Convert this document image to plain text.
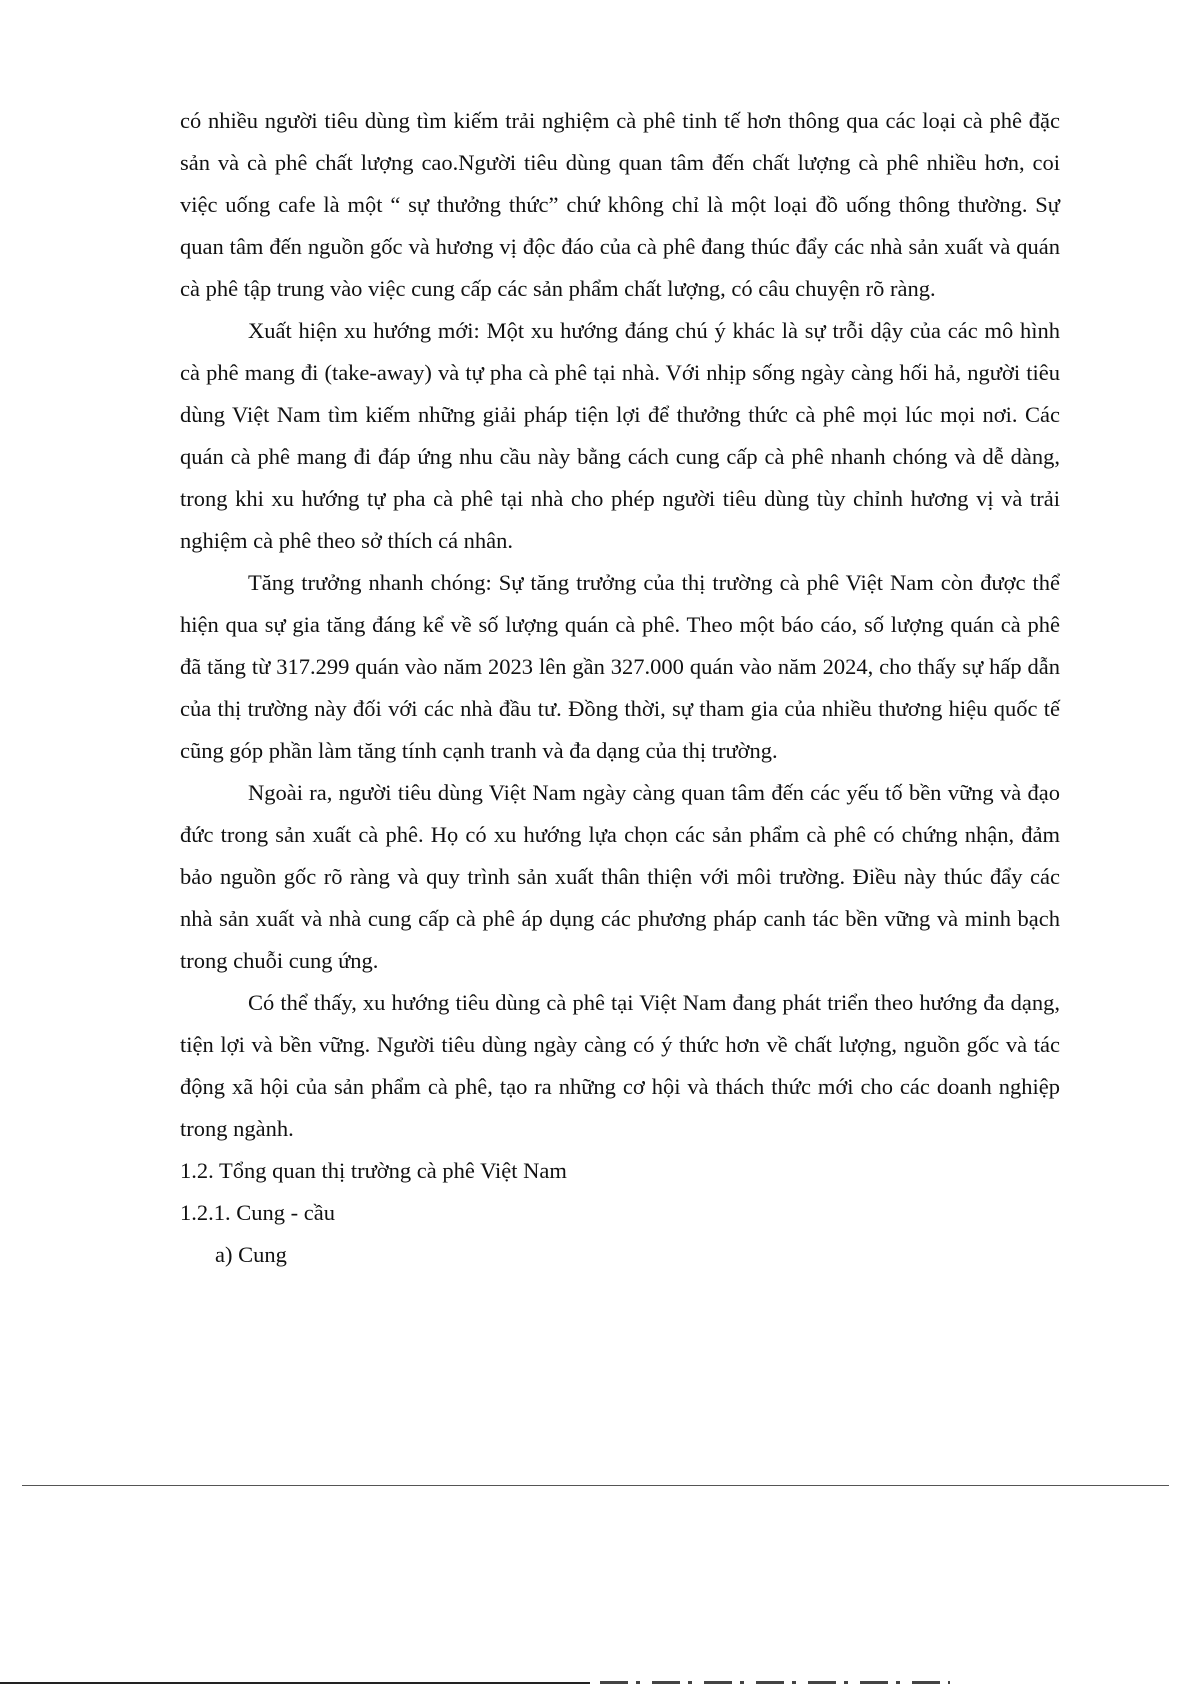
có nhiều người tiêu dùng tìm kiếm trải nghiệm cà phê tinh tế hơn thông qua các loại cà phê đặc sản và cà phê chất lượng cao.Người tiêu dùng quan tâm đến chất lượng cà phê nhiều hơn, coi việc uống cafe là một “ sự thưởng thức” chứ không chỉ là một loại đồ uống thông thường. Sự quan tâm đến nguồn gốc và hương vị độc đáo của cà phê đang thúc đẩy các nhà sản xuất và quán cà phê tập trung vào việc cung cấp các sản phẩm chất lượng, có câu chuyện rõ ràng.

Xuất hiện xu hướng mới: Một xu hướng đáng chú ý khác là sự trỗi dậy của các mô hình cà phê mang đi (take-away) và tự pha cà phê tại nhà. Với nhịp sống ngày càng hối hả, người tiêu dùng Việt Nam tìm kiếm những giải pháp tiện lợi để thưởng thức cà phê mọi lúc mọi nơi. Các quán cà phê mang đi đáp ứng nhu cầu này bằng cách cung cấp cà phê nhanh chóng và dễ dàng, trong khi xu hướng tự pha cà phê tại nhà cho phép người tiêu dùng tùy chỉnh hương vị và trải nghiệm cà phê theo sở thích cá nhân.

Tăng trưởng nhanh chóng: Sự tăng trưởng của thị trường cà phê Việt Nam còn được thể hiện qua sự gia tăng đáng kể về số lượng quán cà phê. Theo một báo cáo, số lượng quán cà phê đã tăng từ 317.299 quán vào năm 2023 lên gần 327.000 quán vào năm 2024, cho thấy sự hấp dẫn của thị trường này đối với các nhà đầu tư. Đồng thời, sự tham gia của nhiều thương hiệu quốc tế cũng góp phần làm tăng tính cạnh tranh và đa dạng của thị trường.

Ngoài ra, người tiêu dùng Việt Nam ngày càng quan tâm đến các yếu tố bền vững và đạo đức trong sản xuất cà phê. Họ có xu hướng lựa chọn các sản phẩm cà phê có chứng nhận, đảm bảo nguồn gốc rõ ràng và quy trình sản xuất thân thiện với môi trường. Điều này thúc đẩy các nhà sản xuất và nhà cung cấp cà phê áp dụng các phương pháp canh tác bền vững và minh bạch trong chuỗi cung ứng.

Có thể thấy, xu hướng tiêu dùng cà phê tại Việt Nam đang phát triển theo hướng đa dạng, tiện lợi và bền vững. Người tiêu dùng ngày càng có ý thức hơn về chất lượng, nguồn gốc và tác động xã hội của sản phẩm cà phê, tạo ra những cơ hội và thách thức mới cho các doanh nghiệp trong ngành.

1.2. Tổng quan thị trường cà phê Việt Nam

1.2.1. Cung - cầu

a) Cung
